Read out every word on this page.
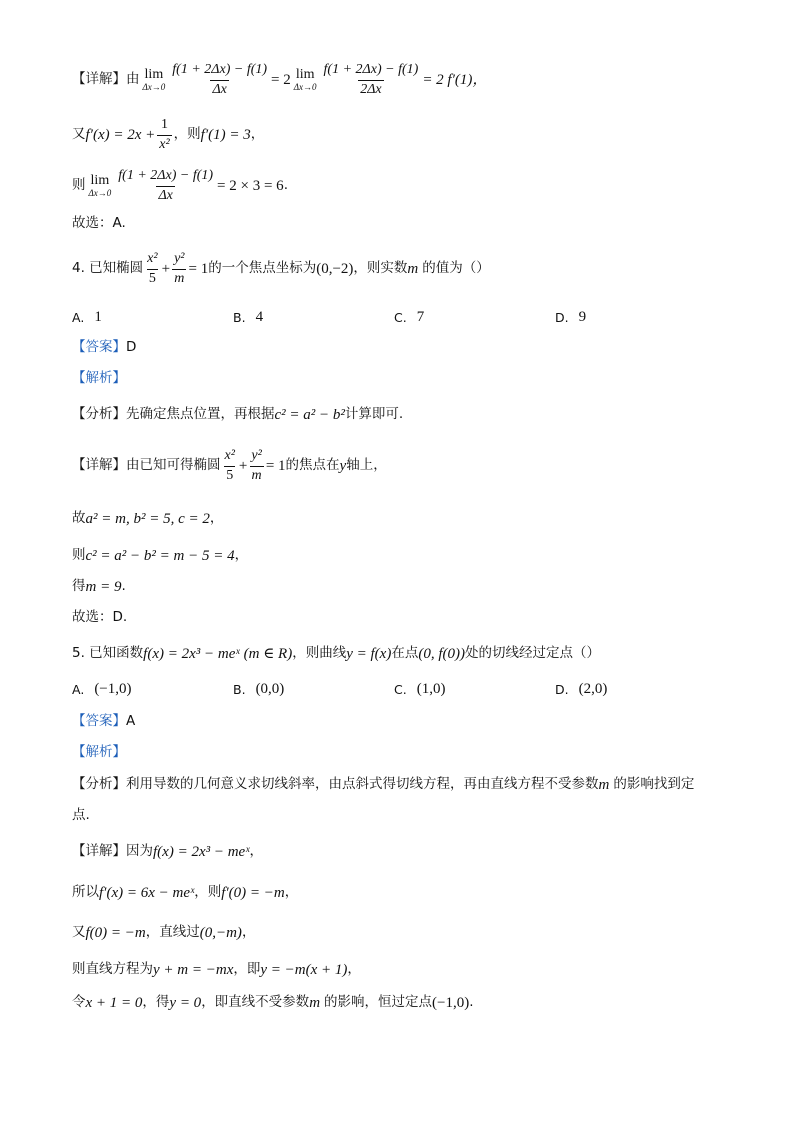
【详解】 由 lim
$\Delta x\to 0 \frac{f(1 + 2\Delta x) - f(1)}{\Delta x} = 2$ lim
$\Delta x\to 0 \frac{f(1 + 2\Delta x) - f(1)}{2\Delta x} = 2$ f′(1)，
又 $f'(x) = 2x + \frac{1}{\text{x²}}$ ，则 f′(1) = 3 ，
则 lim
$\Delta x\to 0 \frac{f(1 + 2\Delta x) - f(1)}{\Delta x} = 2 \times 3 = 6$ .
故选：A.
4. 已知椭圆 $\frac{\text{x²}}{5} + \frac{\text{y²}}{m} = 1$ 的一个焦点坐标为 (0,−2) ，则实数 m 的值为（）
A. 1	B. 4	C. 7	D. 9
【答案】 D
【解析】
【分析】 先确定焦点位置，再根据 c² = a² − b² 计算即可.
【详解】 由已知可得椭圆 $\frac{\text{x²}}{5} + \frac{\text{y²}}{m} = 1$ 的焦点在 y 轴上，
故 a² = m, b² = 5, c = 2 ，
则 c² = a² − b² = m − 5 = 4 ，
得 m = 9 .
故选：D.
5. 已知函数 f(x) = 2x³ − meˣ (m ∈ R) ，则曲线 y = f(x) 在点 (0, f(0)) 处的切线经过定点（）
A. (−1,0)	B. (0,0)	C. (1,0)	D. (2,0)
【答案】 A
【解析】
【分析】 利用导数的几何意义求切线斜率，由点斜式得切线方程，再由直线方程不受参数 m 的影响找到定
点.
【详解】 因为 f(x) = 2x³ − meˣ ，
所以 f′(x) = 6x − meˣ ，则 f′(0) = −m ，
又 f(0) = −m ，直线过 (0,−m) ，
则直线方程为 y + m = −mx ，即 y = −m(x + 1) ，
令 x + 1 = 0 ，得 y = 0 ，即直线不受参数 m 的影响，恒过定点 (−1,0) .
